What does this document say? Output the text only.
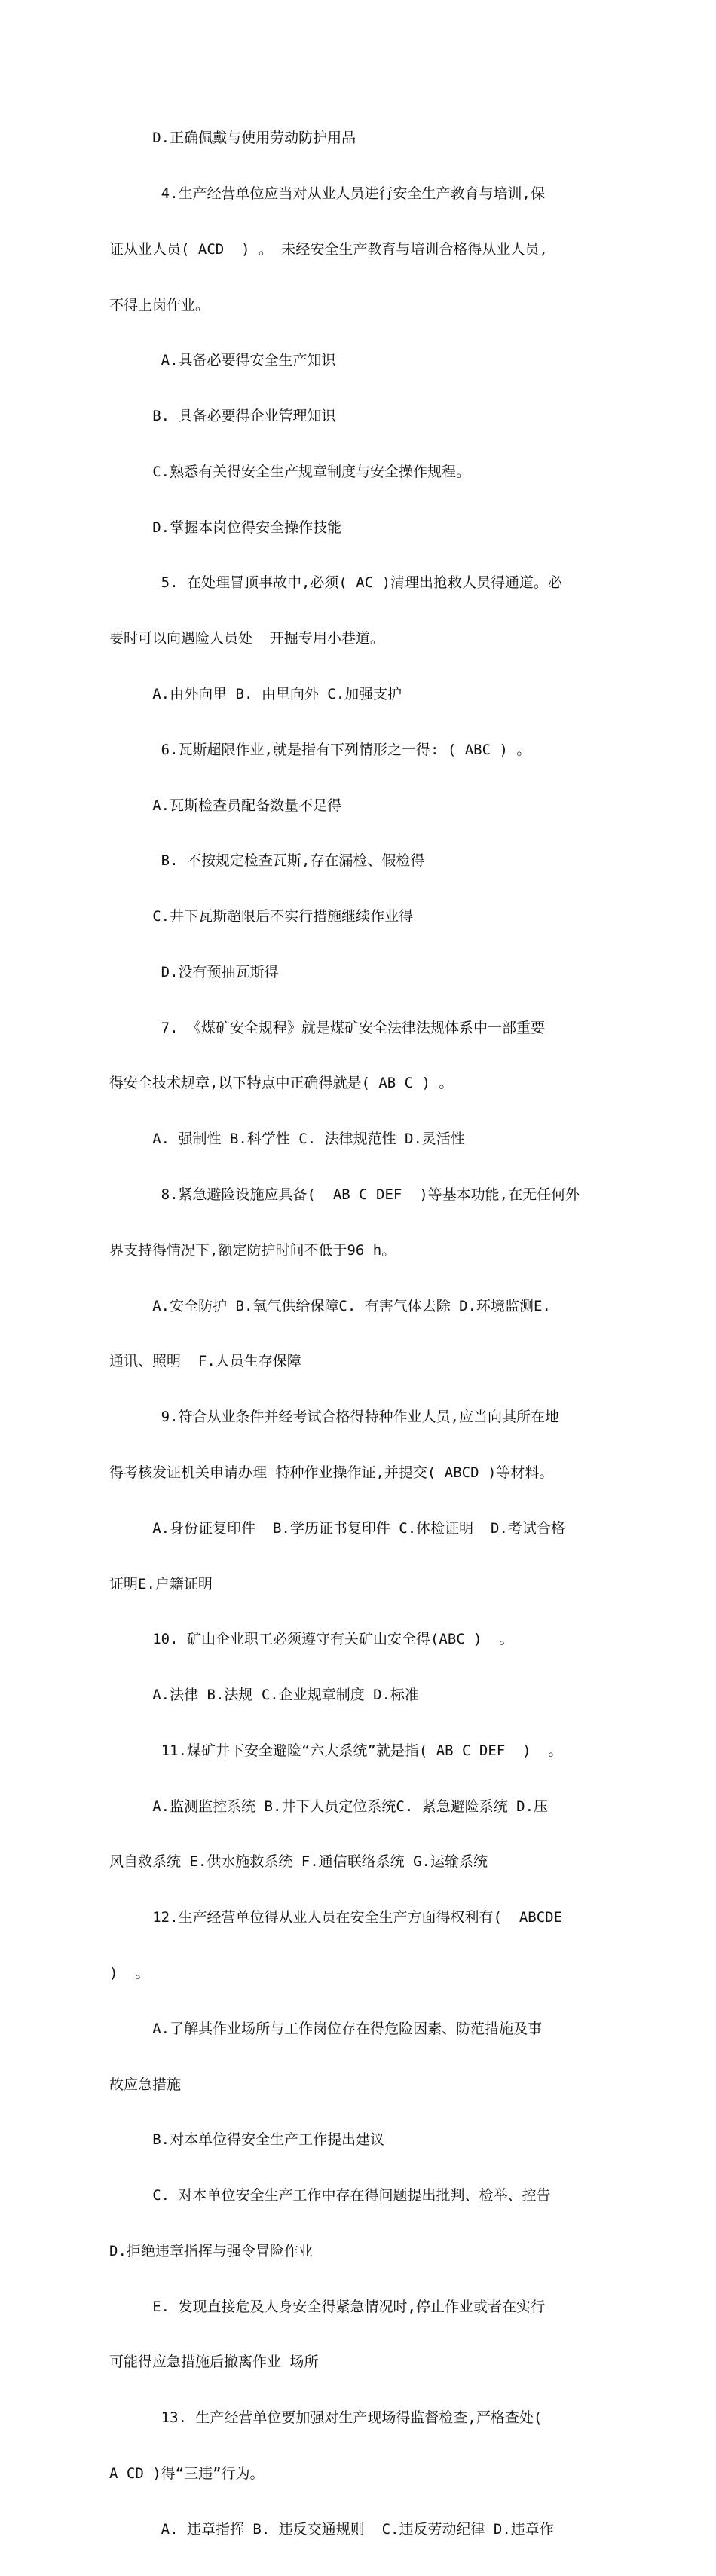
D.正确佩戴与使用劳动防护用品

4.生产经营单位应当对从业人员进行安全生产教育与培训,保

证从业人员( ACD  ) 。 未经安全生产教育与培训合格得从业人员,

不得上岗作业。

A.具备必要得安全生产知识

B. 具备必要得企业管理知识

C.熟悉有关得安全生产规章制度与安全操作规程。

D.掌握本岗位得安全操作技能

5. 在处理冒顶事故中,必须( AC )清理出抢救人员得通道。必

要时可以向遇险人员处  开掘专用小巷道。

A.由外向里 B. 由里向外 C.加强支护

6.瓦斯超限作业,就是指有下列情形之一得: ( ABC ) 。

A.瓦斯检查员配备数量不足得

B. 不按规定检查瓦斯,存在漏检、假检得

C.井下瓦斯超限后不实行措施继续作业得

D.没有预抽瓦斯得

7. 《煤矿安全规程》就是煤矿安全法律法规体系中一部重要

得安全技术规章,以下特点中正确得就是( AB C ) 。

A. 强制性 B.科学性 C. 法律规范性 D.灵活性

8.紧急避险设施应具备(  AB C DEF  )等基本功能,在无任何外

界支持得情况下,额定防护时间不低于96 h。

A.安全防护 B.氧气供给保障C. 有害气体去除 D.环境监测E.

通讯、照明  F.人员生存保障

9.符合从业条件并经考试合格得特种作业人员,应当向其所在地

得考核发证机关申请办理 特种作业操作证,并提交( ABCD )等材料。

A.身份证复印件  B.学历证书复印件 C.体检证明  D.考试合格

证明E.户籍证明

10. 矿山企业职工必须遵守有关矿山安全得(ABC )  。

A.法律 B.法规 C.企业规章制度 D.标准

11.煤矿井下安全避险“六大系统”就是指( AB C DEF  )  。

A.监测监控系统 B.井下人员定位系统C. 紧急避险系统 D.压

风自救系统 E.供水施救系统 F.通信联络系统 G.运输系统

12.生产经营单位得从业人员在安全生产方面得权利有(  ABCDE

)  。

A.了解其作业场所与工作岗位存在得危险因素、防范措施及事

故应急措施

B.对本单位得安全生产工作提出建议

C. 对本单位安全生产工作中存在得问题提出批判、检举、控告

D.拒绝违章指挥与强令冒险作业

E. 发现直接危及人身安全得紧急情况时,停止作业或者在实行

可能得应急措施后撤离作业 场所

13. 生产经营单位要加强对生产现场得监督检查,严格查处(

A CD )得“三违”行为。

A. 违章指挥 B. 违反交通规则  C.违反劳动纪律 D.违章作
